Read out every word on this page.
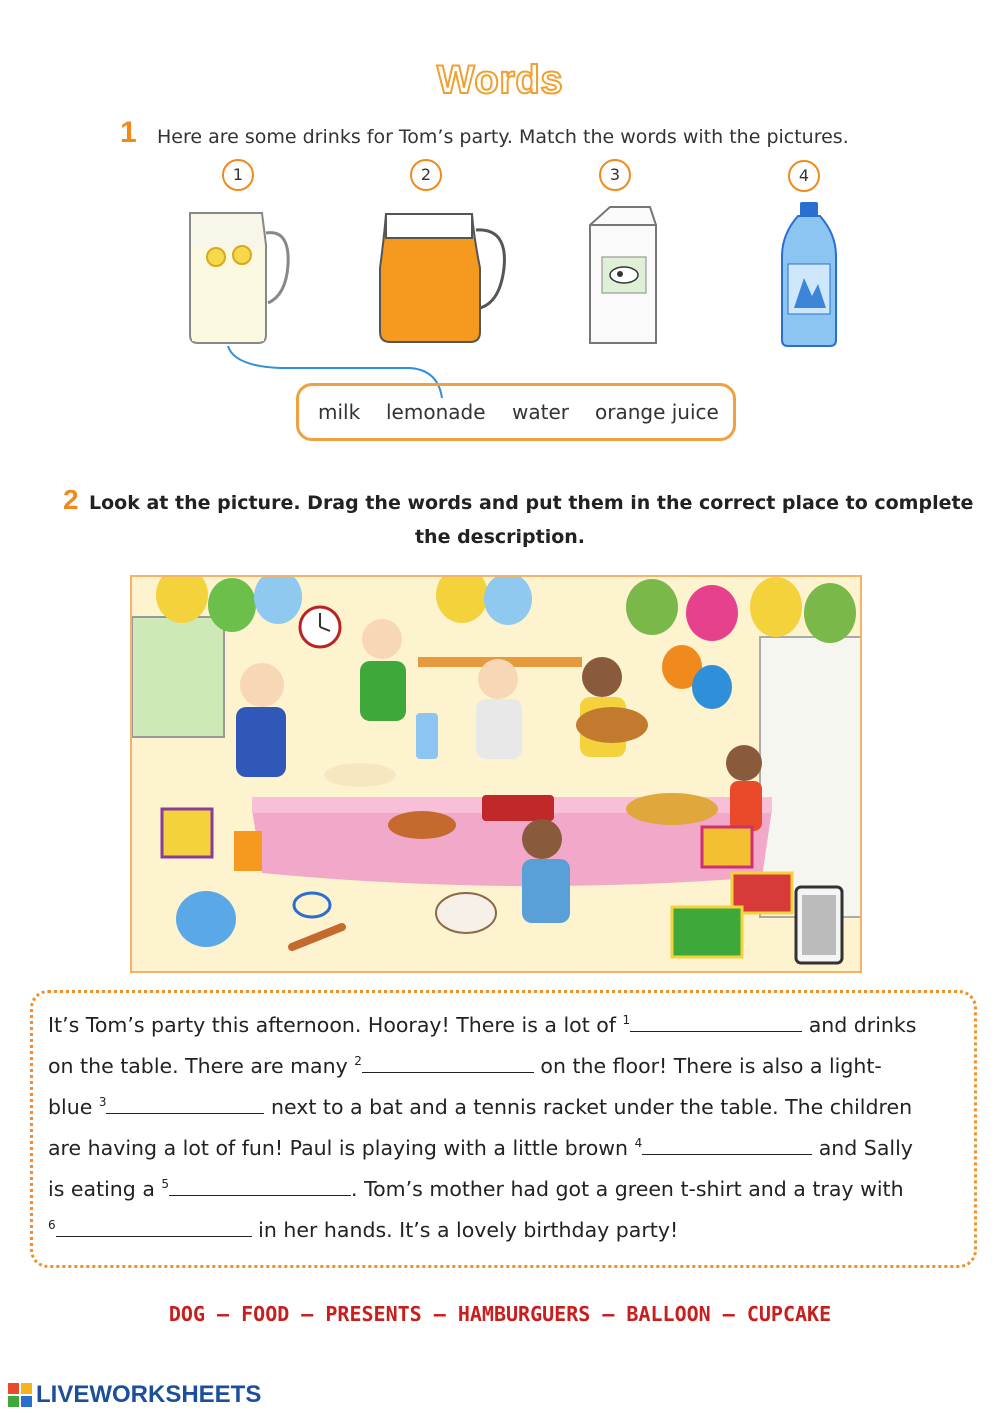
Words
1 Here are some drinks for Tom’s party. Match the words with the pictures.
1	2	3	4
milk lemonade water orange juice
2 Look at the picture. Drag the words and put them in the correct place to complete
the description.
It’s Tom’s party this afternoon. Hooray! There is a lot of $^1$	and drinks
on the table. There are many $^2$	on the floor! There is also a light-
blue $^3$	next to a bat and a tennis racket under the table. The children
are having a lot of fun! Paul is playing with a little brown $^4$	and Sally
is eating a $^5$	. Tom’s mother had got a green t-shirt and a tray with
$^6$	in her hands. It’s a lovely birthday party!
DOG – FOOD – PRESENTS – HAMBURGUERS – BALLOON – CUPCAKE
LIVEWORKSHEETS
